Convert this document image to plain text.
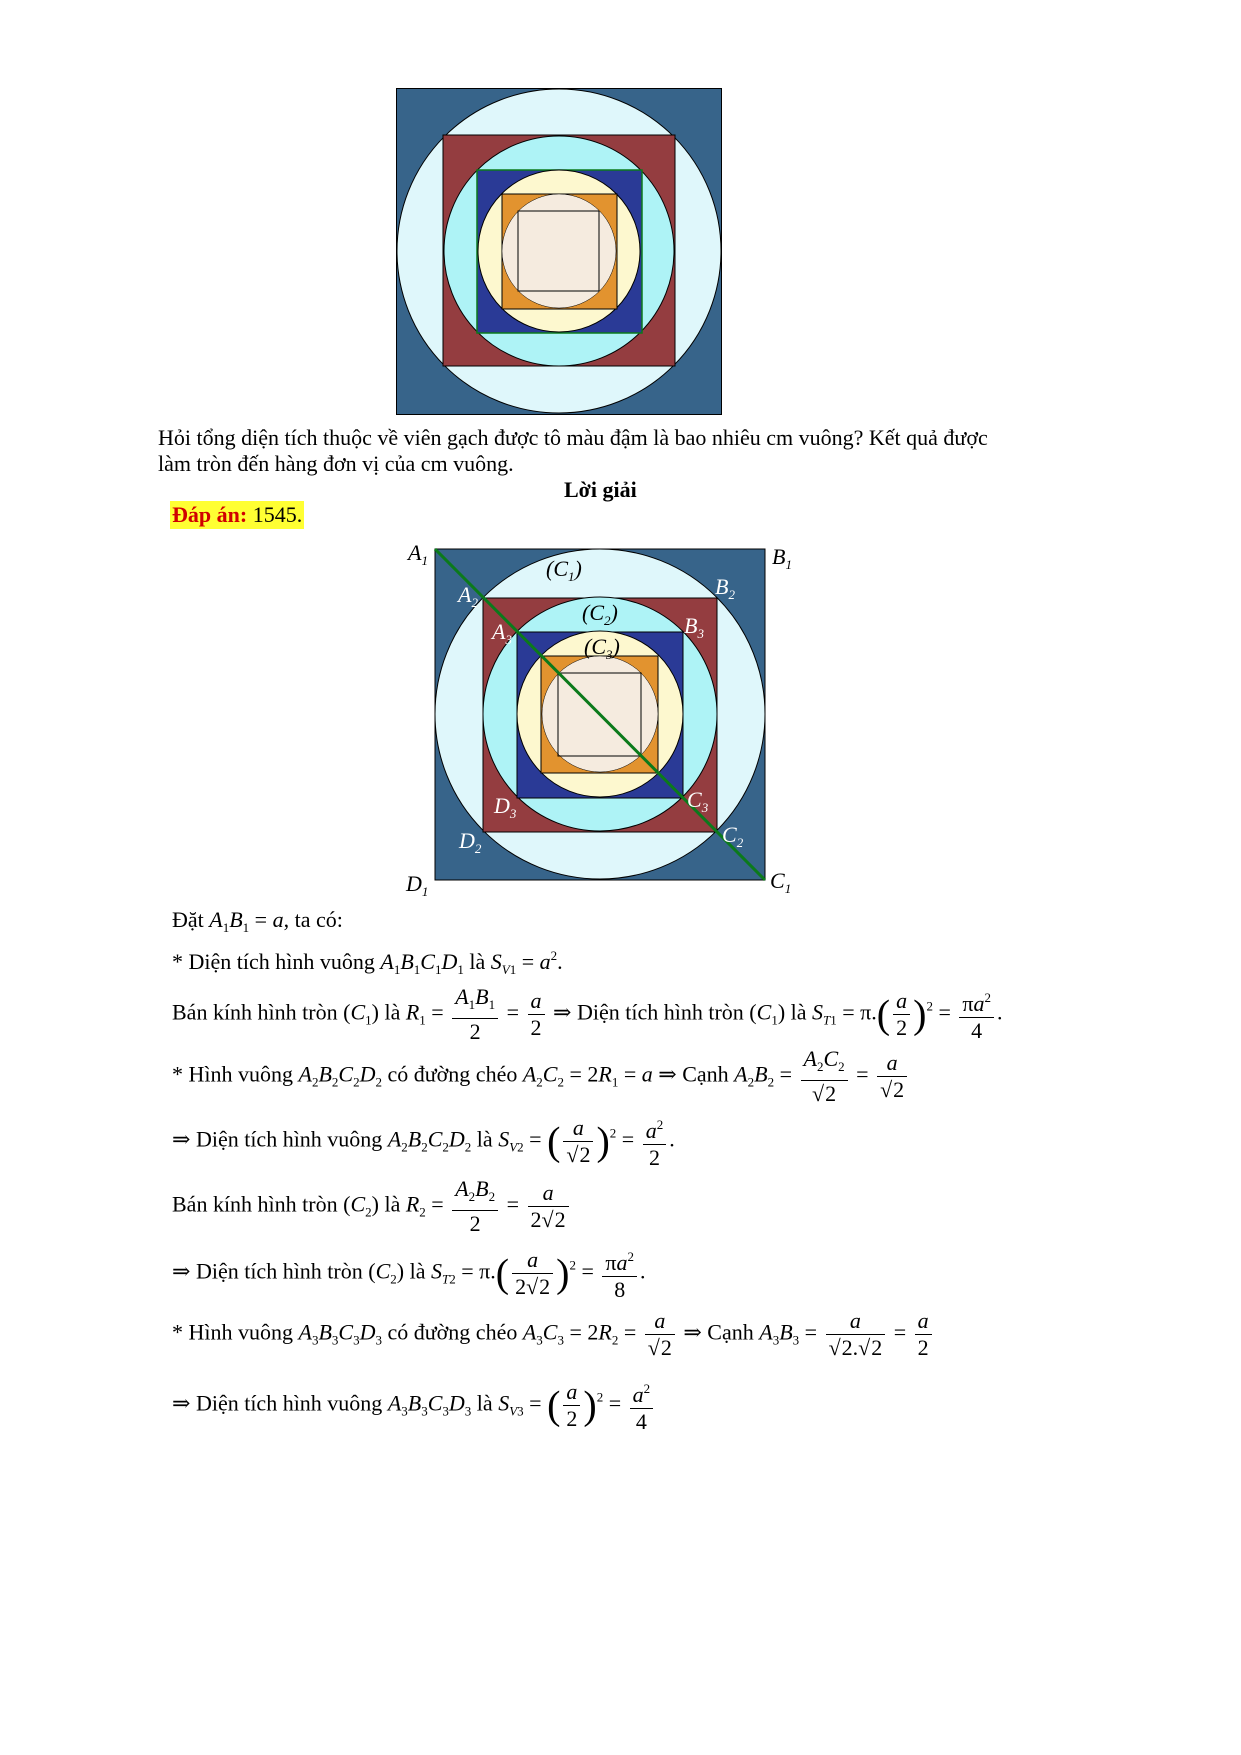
Hỏi tổng diện tích thuộc về viên gạch được tô màu đậm là bao nhiêu cm vuông? Kết quả được
làm tròn đến hàng đơn vị của cm vuông.
Lời giải
Đáp án: 1545.
$A_1$	$B_1$
$C_1$
$D_1$
$A_2$
$B_2$
$C_2$
$D_2$
$A_3$
$B_3$
$C_3$
$D_3$
$(C_1)$
$(C_2)$
$(C_3)$
Đặt $A_1B_1 = a$, ta có:
* Diện tích hình vuông $A_1B_1C_1D_1$ là $S_{V1} = a^2$.
Bán kính hình tròn $(C_1)$ là $R_1 = \frac{A_1B_1}{2} = \frac{a}{2}$ ⇒ Diện tích hình tròn $(C_1)$ là $S_{T1} = \pi.( \frac{a}{2} )^2 = \frac{\pi a^2}{4}$ .
* Hình vuông $A_2B_2C_2D_2$ có đường chéo $A_2C_2 = 2R_1 = a$ ⇒ Cạnh $A_2B_2 = \frac{A_2C_2}{√2} = \frac{a}{√2}$
⇒ Diện tích hình vuông $A_2B_2C_2D_2$ là $S_{V2}$ = ( $\frac{a}{√2} )^2 = \frac{a^2}{2}$ .
Bán kính hình tròn $(C_2)$ là $R_2 = \frac{A_2B_2}{2} = \frac{a}{2√2}$
⇒ Diện tích hình tròn $(C_2)$ là $S_{T2} = \pi.( \frac{a}{2√2} )^2 = \frac{\pi a^2}{8}$ .
* Hình vuông $A_3B_3C_3D_3$ có đường chéo $A_3C_3 = 2R_2 = \frac{a}{√2}$ ⇒ Cạnh $A_3B_3 = \frac{a}{√2.√2} = \frac{a}{2}$
⇒ Diện tích hình vuông $A_3B_3C_3D_3$ là $S_{V3}$ = ( $\frac{a}{2} )^2 = \frac{a^2}{4}$
